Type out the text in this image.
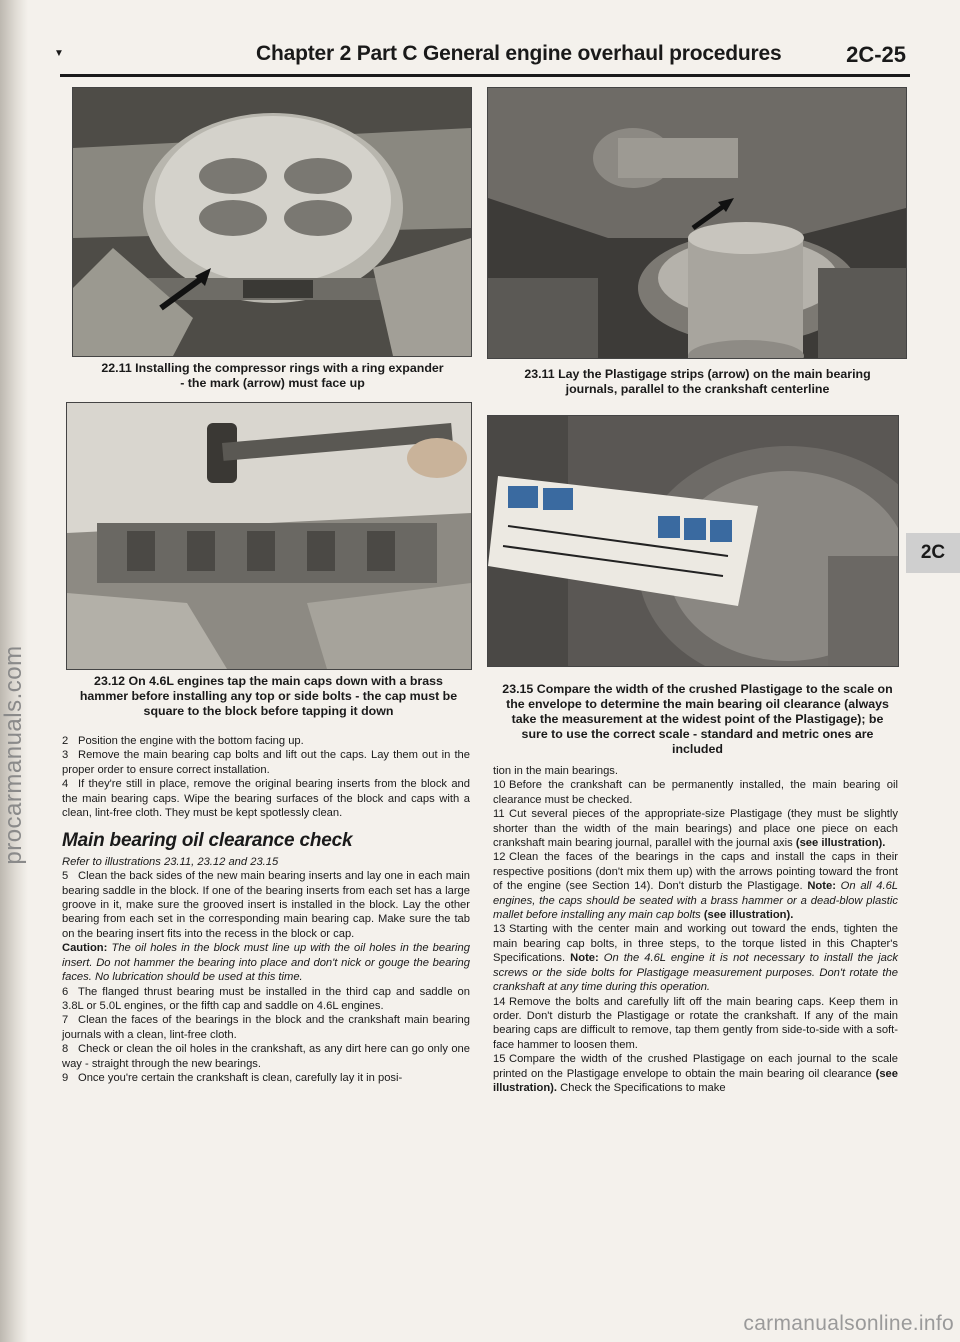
procarmanuals.com
▼	Chapter 2 Part C General engine overhaul procedures	2C-25
22.11 Installing the compressor rings with a ring expander - the mark (arrow) must face up
23.11 Lay the Plastigage strips (arrow) on the main bearing journals, parallel to the crankshaft centerline
23.12 On 4.6L engines tap the main caps down with a brass hammer before installing any top or side bolts - the cap must be square to the block before tapping it down
23.15 Compare the width of the crushed Plastigage to the scale on the envelope to determine the main bearing oil clearance (always take the measurement at the widest point of the Plastigage); be sure to use the correct scale - standard and metric ones are included
2C

2 Position the engine with the bottom facing up.

3 Remove the main bearing cap bolts and lift out the caps. Lay them out in the proper order to ensure correct installation.

4 If they're still in place, remove the original bearing inserts from the block and the main bearing caps. Wipe the bearing surfaces of the block and caps with a clean, lint-free cloth. They must be kept spotlessly clean.

Main bearing oil clearance check

Refer to illustrations 23.11, 23.12 and 23.15

5 Clean the back sides of the new main bearing inserts and lay one in each main bearing saddle in the block. If one of the bearing inserts from each set has a large groove in it, make sure the grooved insert is installed in the block. Lay the other bearing from each set in the corresponding main bearing cap. Make sure the tab on the bearing insert fits into the recess in the block or cap.

Caution: The oil holes in the block must line up with the oil holes in the bearing insert. Do not hammer the bearing into place and don't nick or gouge the bearing faces. No lubrication should be used at this time.

6 The flanged thrust bearing must be installed in the third cap and saddle on 3.8L or 5.0L engines, or the fifth cap and saddle on 4.6L engines.

7 Clean the faces of the bearings in the block and the crankshaft main bearing journals with a clean, lint-free cloth.

8 Check or clean the oil holes in the crankshaft, as any dirt here can go only one way - straight through the new bearings.

9 Once you're certain the crankshaft is clean, carefully lay it in posi-

tion in the main bearings.

10 Before the crankshaft can be permanently installed, the main bearing oil clearance must be checked.

11 Cut several pieces of the appropriate-size Plastigage (they must be slightly shorter than the width of the main bearings) and place one piece on each crankshaft main bearing journal, parallel with the journal axis (see illustration).

12 Clean the faces of the bearings in the caps and install the caps in their respective positions (don't mix them up) with the arrows pointing toward the front of the engine (see Section 14). Don't disturb the Plastigage. Note: On all 4.6L engines, the caps should be seated with a brass hammer or a dead-blow plastic mallet before installing any main cap bolts (see illustration).

13 Starting with the center main and working out toward the ends, tighten the main bearing cap bolts, in three steps, to the torque listed in this Chapter's Specifications. Note: On the 4.6L engine it is not necessary to install the jack screws or the side bolts for Plastigage measurement purposes. Don't rotate the crankshaft at any time during this operation.

14 Remove the bolts and carefully lift off the main bearing caps. Keep them in order. Don't disturb the Plastigage or rotate the crankshaft. If any of the main bearing caps are difficult to remove, tap them gently from side-to-side with a soft-face hammer to loosen them.

15 Compare the width of the crushed Plastigage on each journal to the scale printed on the Plastigage envelope to obtain the main bearing oil clearance (see illustration). Check the Specifications to make

carmanualsonline.info
